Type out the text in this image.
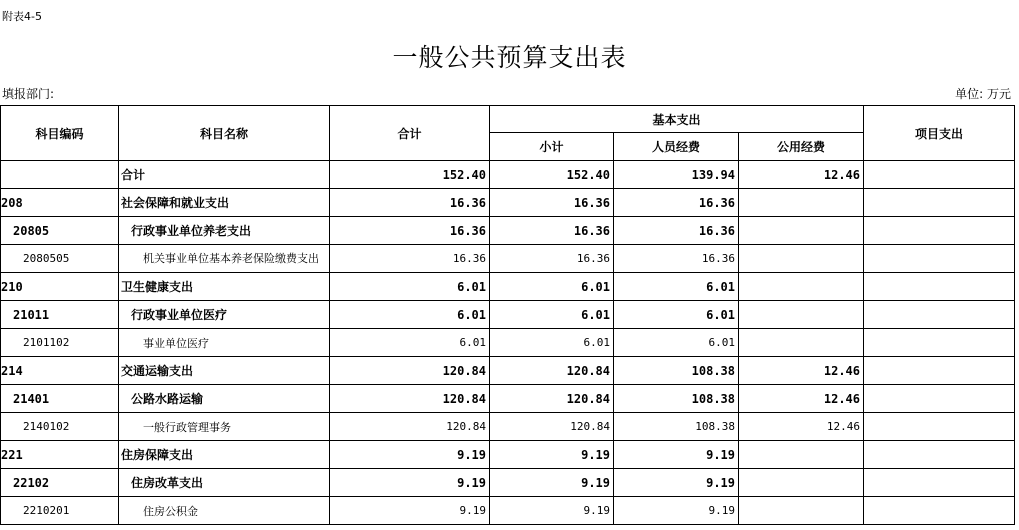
附表4-5
一般公共预算支出表
填报部门:	单位: 万元
科目编码	科目名称	合计	基本支出			项目支出
			小计	人员经费	公用经费	
	合计	152.40	152.40	139.94	12.46	
208	社会保障和就业支出	16.36	16.36	16.36		
20805	行政事业单位养老支出	16.36	16.36	16.36		
2080505	机关事业单位基本养老保险缴费支出	16.36	16.36	16.36		
210	卫生健康支出	6.01	6.01	6.01		
21011	行政事业单位医疗	6.01	6.01	6.01		
2101102	事业单位医疗	6.01	6.01	6.01		
214	交通运输支出	120.84	120.84	108.38	12.46	
21401	公路水路运输	120.84	120.84	108.38	12.46	
2140102	一般行政管理事务	120.84	120.84	108.38	12.46	
221	住房保障支出	9.19	9.19	9.19		
22102	住房改革支出	9.19	9.19	9.19		
2210201	住房公积金	9.19	9.19	9.19		
